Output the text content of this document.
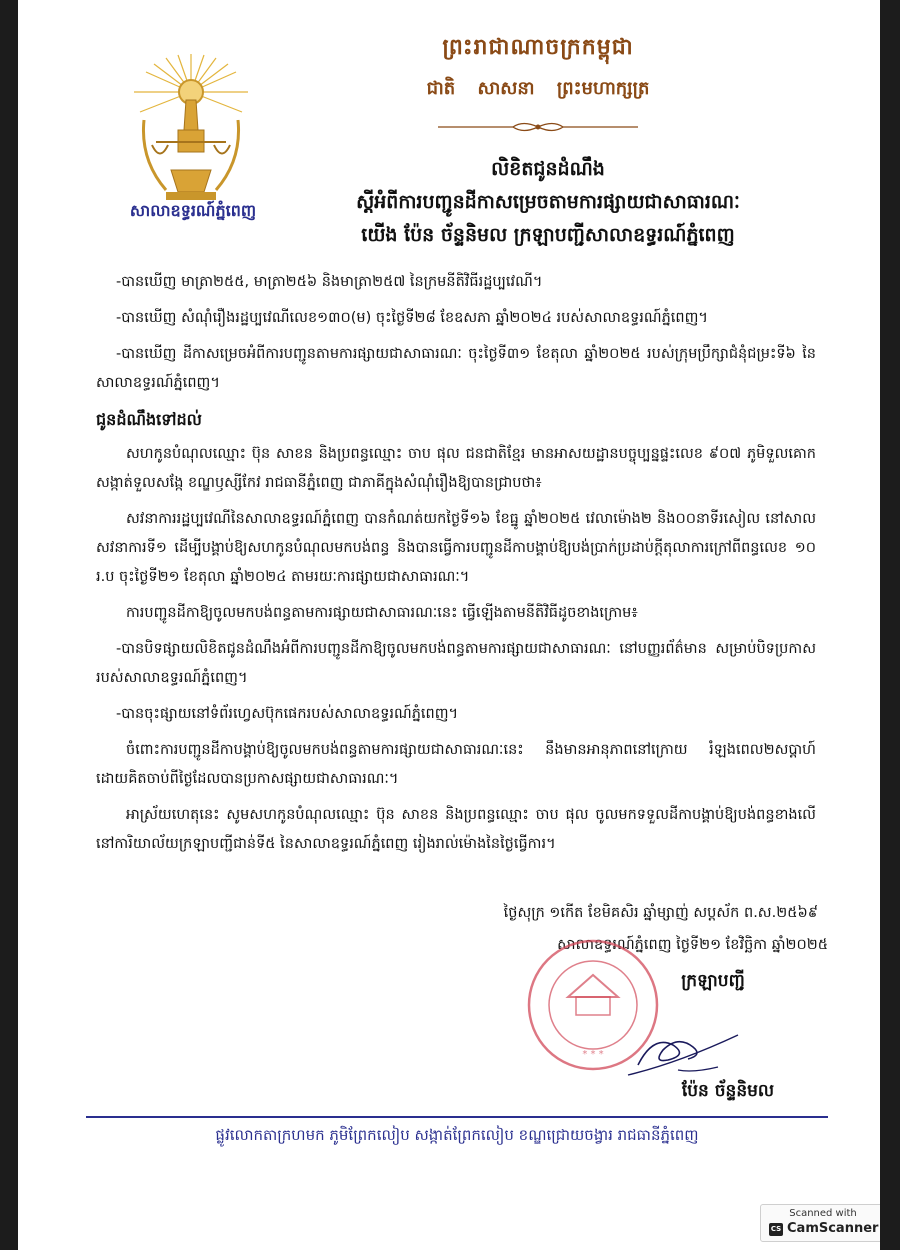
សាលាឧទ្ធរណ៍ភ្នំពេញ
ព្រះរាជាណាចក្រកម្ពុជា
ជាតិ សាសនា ព្រះមហាក្សត្រ
លិខិតជូនដំណឹង
ស្តីអំពីការបញ្ជូនដីកាសម្រេចតាមការផ្សាយជាសាធារណៈ
យើង ប៉ែន ច័ន្ទនិមល ក្រឡាបញ្ជីសាលាឧទ្ធរណ៍ភ្នំពេញ

-បានឃើញ មាត្រា២៥៥, មាត្រា២៥៦ និងមាត្រា២៥៧ នៃក្រមនីតិវិធីរដ្ឋប្បវេណី។

-បានឃើញ សំណុំរឿងរដ្ឋប្បវេណីលេខ១៣០(ម) ចុះថ្ងៃទី២៨ ខែឧសភា ឆ្នាំ២០២៤ របស់សាលាឧទ្ធរណ៍ភ្នំពេញ។

-បានឃើញ ដីកាសម្រេចអំពីការបញ្ជូនតាមការផ្សាយជាសាធារណៈ ចុះថ្ងៃទី៣១ ខែតុលា ឆ្នាំ២០២៥ របស់ក្រុមប្រឹក្សាជំនុំជម្រះទី៦ នៃសាលាឧទ្ធរណ៍ភ្នំពេញ។

ជូនដំណឹងទៅដល់

សហកូនបំណុលឈ្មោះ ប៊ុន សាខន និងប្រពន្ធឈ្មោះ ចាប ផុល ជនជាតិខ្មែរ មានអាសយដ្ឋានបច្ចុប្បន្នផ្ទះលេខ ៩០៧ ភូមិទួលគោក សង្កាត់ទួលសង្កែ ខណ្ឌឫស្សីកែវ រាជធានីភ្នំពេញ ជាភាគីក្នុងសំណុំរឿងឱ្យបានជ្រាបថា៖

សវនាការរដ្ឋប្បវេណីនៃសាលាឧទ្ធរណ៍ភ្នំពេញ បានកំណត់យកថ្ងៃទី១៦ ខែធ្នូ ឆ្នាំ២០២៥ វេលាម៉ោង២ និង០០នាទីរសៀល នៅសាលសវនាការទី១ ដើម្បីបង្គាប់ឱ្យសហកូនបំណុលមកបង់ពន្ធ និងបានធ្វើការបញ្ជូនដីកាបង្គាប់ឱ្យបង់ប្រាក់ប្រដាប់ក្តីតុលាការក្រៅពីពន្ធលេខ ១០ រ.ប ចុះថ្ងៃទី២១ ខែតុលា ឆ្នាំ២០២៤ តាមរយៈការផ្សាយជាសាធារណៈ។

ការបញ្ជូនដីកាឱ្យចូលមកបង់ពន្ធតាមការផ្សាយជាសាធារណៈនេះ ធ្វើឡើងតាមនីតិវិធីដូចខាងក្រោម៖

-បានបិទផ្សាយលិខិតជូនដំណឹងអំពីការបញ្ជូនដីកាឱ្យចូលមកបង់ពន្ធតាមការផ្សាយជាសាធារណៈ នៅបញ្ញរព័ត៌មាន សម្រាប់បិទប្រកាសរបស់សាលាឧទ្ធរណ៍ភ្នំពេញ។

-បានចុះផ្សាយនៅទំព័រហ្វេសប៊ុកផេករបស់សាលាឧទ្ធរណ៍ភ្នំពេញ។

ចំពោះការបញ្ជូនដីកាបង្គាប់ឱ្យចូលមកបង់ពន្ធតាមការផ្សាយជាសាធារណៈនេះ នឹងមានអានុភាពនៅក្រោយ រំឡងពេល២សប្តាហ៍ ដោយគិតចាប់ពីថ្ងៃដែលបានប្រកាសផ្សាយជាសាធារណៈ។

អាស្រ័យហេតុនេះ សូមសហកូនបំណុលឈ្មោះ ប៊ុន សាខន និងប្រពន្ធឈ្មោះ ចាប ផុល ចូលមកទទួលដីកាបង្គាប់ឱ្យបង់ពន្ធខាងលើ នៅការិយាល័យក្រឡាបញ្ជីជាន់ទី៥ នៃសាលាឧទ្ធរណ៍ភ្នំពេញ រៀងរាល់ម៉ោងនៃថ្ងៃធ្វើការ។

ថ្ងៃសុក្រ ១កើត ខែមិគសិរ ឆ្នាំម្សាញ់ សប្តស័ក ព.ស.២៥៦៩
សាលាឧទ្ធរណ៍ភ្នំពេញ ថ្ងៃទី២១ ខែវិច្ឆិកា ឆ្នាំ២០២៥
* * *
ក្រឡាបញ្ជី
ប៉ែន ច័ន្ទនិមល
ផ្លូវលោកតាក្រហមក ភូមិព្រែកលៀប សង្កាត់ព្រែកលៀប ខណ្ឌជ្រោយចង្វារ រាជធានីភ្នំពេញ
Scanned with
CS CamScanner
